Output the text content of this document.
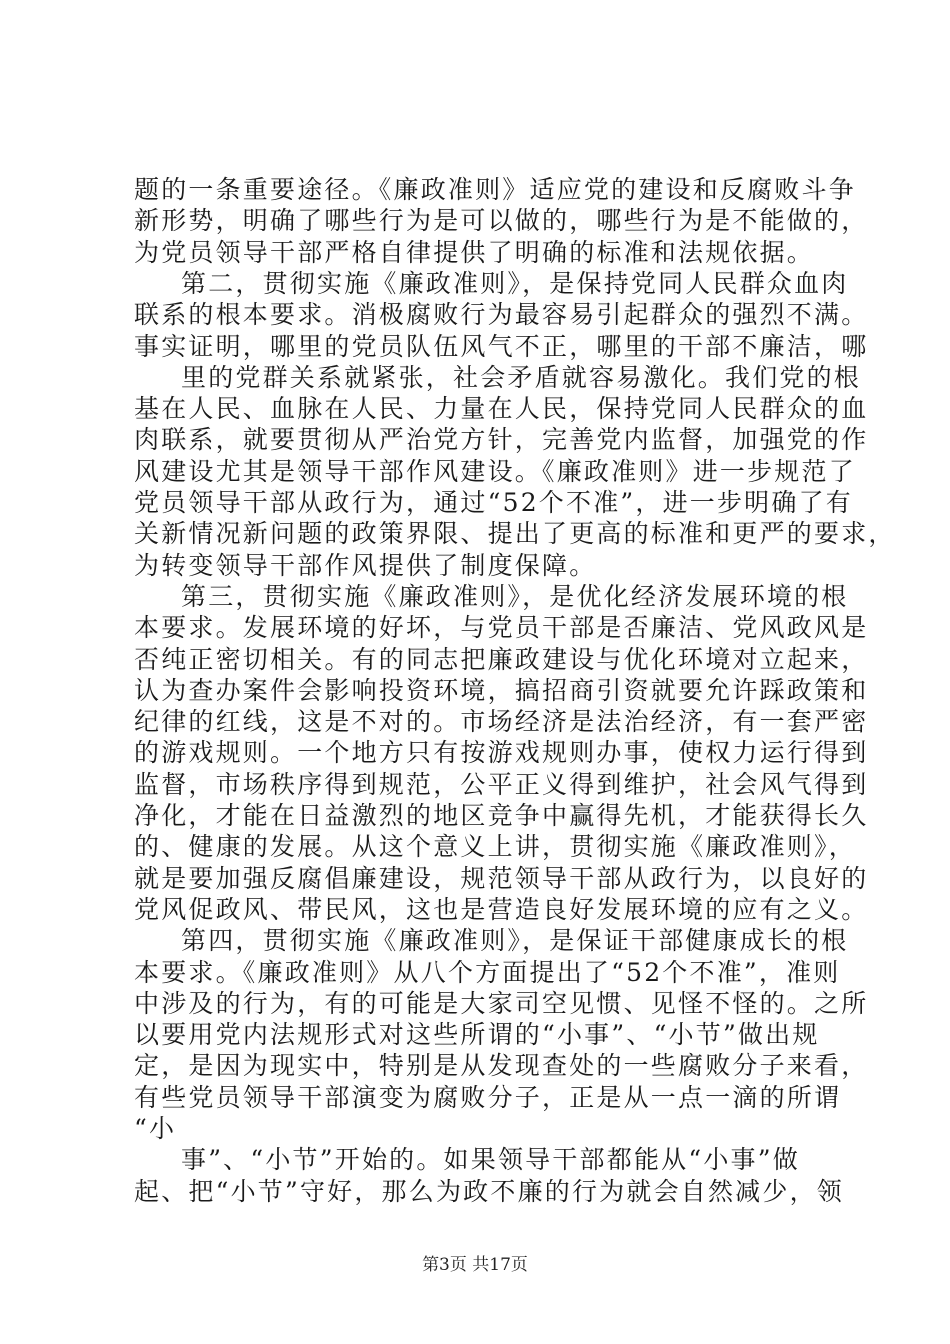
题的一条重要途径。《廉政准则》适应党的建设和反腐败斗争
新形势，明确了哪些行为是可以做的，哪些行为是不能做的，
为党员领导干部严格自律提供了明确的标准和法规依据。
第二，贯彻实施《廉政准则》，是保持党同人民群众血肉
联系的根本要求。消极腐败行为最容易引起群众的强烈不满。
事实证明，哪里的党员队伍风气不正，哪里的干部不廉洁，哪
里的党群关系就紧张，社会矛盾就容易激化。我们党的根
基在人民、血脉在人民、力量在人民，保持党同人民群众的血
肉联系，就要贯彻从严治党方针，完善党内监督，加强党的作
风建设尤其是领导干部作风建设。《廉政准则》进一步规范了
党员领导干部从政行为，通过“52个不准”，进一步明确了有
关新情况新问题的政策界限、提出了更高的标准和更严的要求，
为转变领导干部作风提供了制度保障。
第三，贯彻实施《廉政准则》，是优化经济发展环境的根
本要求。发展环境的好坏，与党员干部是否廉洁、党风政风是
否纯正密切相关。有的同志把廉政建设与优化环境对立起来，
认为查办案件会影响投资环境，搞招商引资就要允许踩政策和
纪律的红线，这是不对的。市场经济是法治经济，有一套严密
的游戏规则。一个地方只有按游戏规则办事，使权力运行得到
监督，市场秩序得到规范，公平正义得到维护，社会风气得到
净化，才能在日益激烈的地区竞争中赢得先机，才能获得长久
的、健康的发展。从这个意义上讲，贯彻实施《廉政准则》，
就是要加强反腐倡廉建设，规范领导干部从政行为，以良好的
党风促政风、带民风，这也是营造良好发展环境的应有之义。
第四，贯彻实施《廉政准则》，是保证干部健康成长的根
本要求。《廉政准则》从八个方面提出了“52个不准”，准则
中涉及的行为，有的可能是大家司空见惯、见怪不怪的。之所
以要用党内法规形式对这些所谓的“小事”、“小节”做出规
定，是因为现实中，特别是从发现查处的一些腐败分子来看，
有些党员领导干部演变为腐败分子，正是从一点一滴的所谓
“小
事”、“小节”开始的。如果领导干部都能从“小事”做
起、把“小节”守好，那么为政不廉的行为就会自然减少，领
第3页 共17页
